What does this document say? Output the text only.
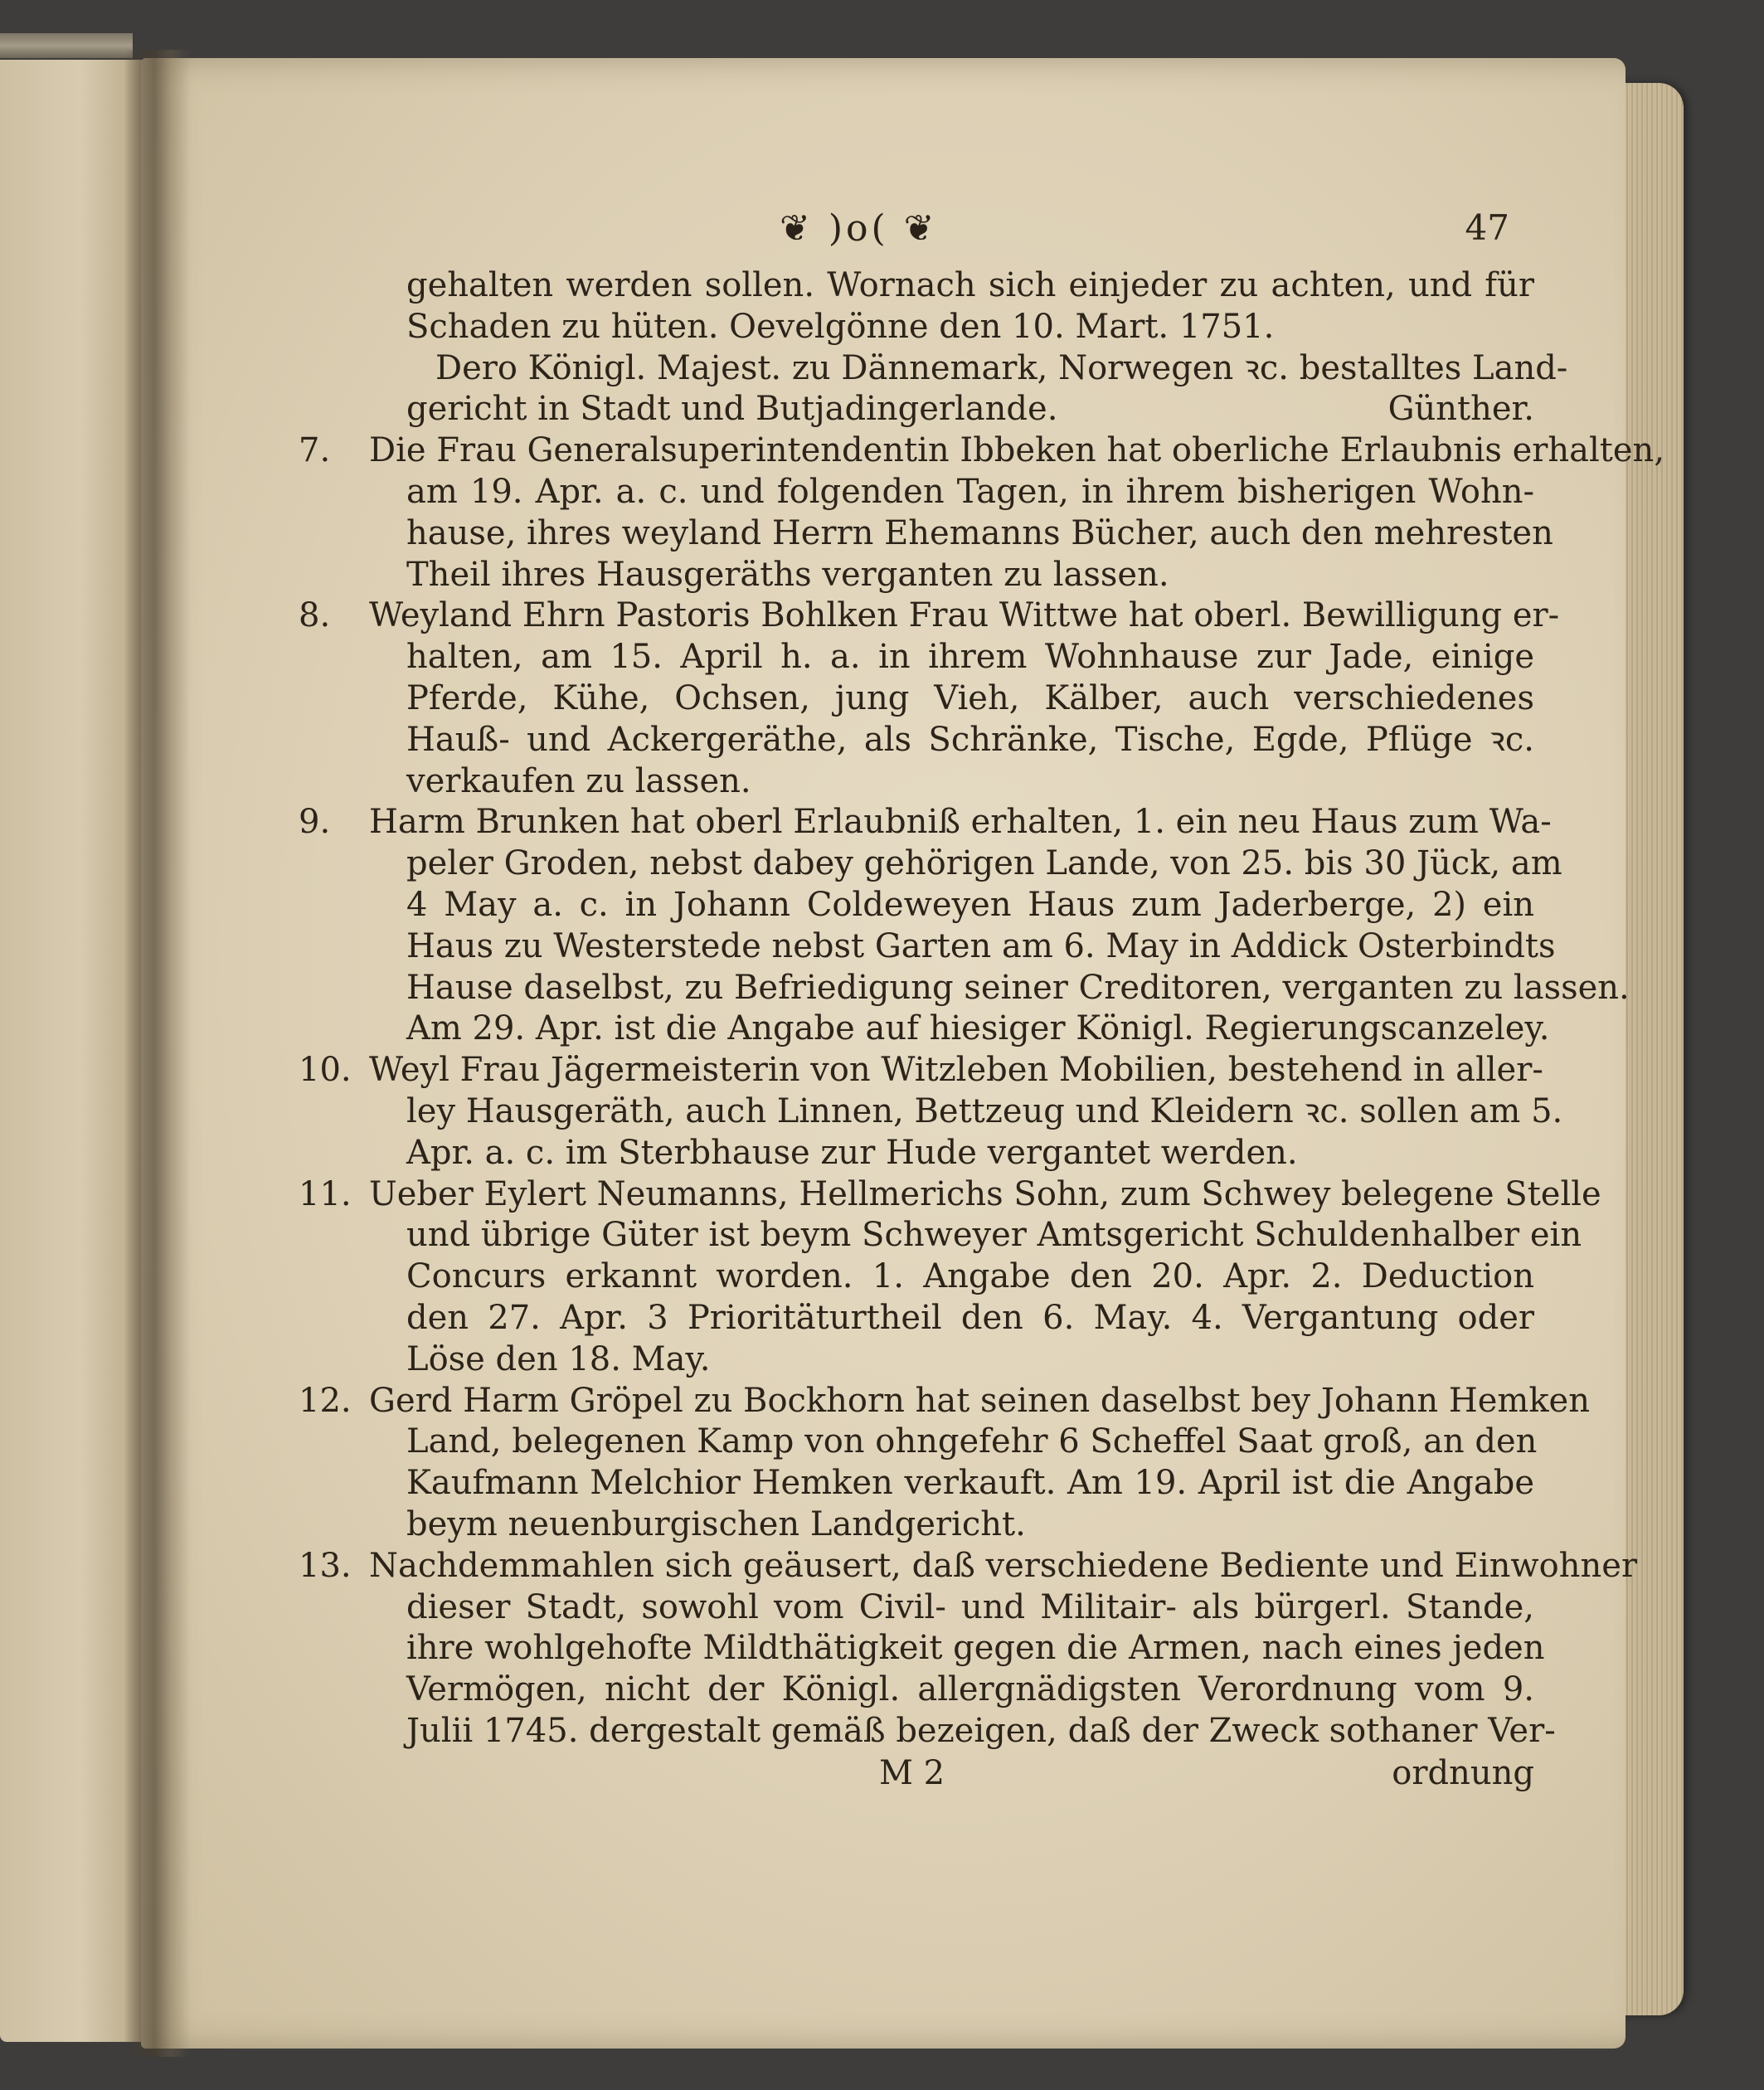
❦ )o( ❦	47
gehalten werden sollen. Wornach sich einjeder zu achten, und für
Schaden zu hüten. Oevelgönne den 10. Mart. 1751.
Dero Königl. Majest. zu Dännemark, Norwegen ꝛc. bestalltes Land-
gericht in Stadt und Butjadingerlande.	Günther.
7. Die Frau Generalsuperintendentin Ibbeken hat oberliche Erlaubnis erhalten,
am 19. Apr. a. c. und folgenden Tagen, in ihrem bisherigen Wohn-
hause, ihres weyland Herrn Ehemanns Bücher, auch den mehresten
Theil ihres Hausgeräths verganten zu lassen.
8. Weyland Ehrn Pastoris Bohlken Frau Wittwe hat oberl. Bewilligung er-
halten, am 15. April h. a. in ihrem Wohnhause zur Jade, einige
Pferde, Kühe, Ochsen, jung Vieh, Kälber, auch verschiedenes
Hauß- und Ackergeräthe, als Schränke, Tische, Egde, Pflüge ꝛc.
verkaufen zu lassen.
9. Harm Brunken hat oberl Erlaubniß erhalten, 1. ein neu Haus zum Wa-
peler Groden, nebst dabey gehörigen Lande, von 25. bis 30 Jück, am
4 May a. c. in Johann Coldeweyen Haus zum Jaderberge, 2) ein
Haus zu Westerstede nebst Garten am 6. May in Addick Osterbindts
Hause daselbst, zu Befriedigung seiner Creditoren, verganten zu lassen.
Am 29. Apr. ist die Angabe auf hiesiger Königl. Regierungscanzeley.
10. Weyl Frau Jägermeisterin von Witzleben Mobilien, bestehend in aller-
ley Hausgeräth, auch Linnen, Bettzeug und Kleidern ꝛc. sollen am 5.
Apr. a. c. im Sterbhause zur Hude vergantet werden.
11. Ueber Eylert Neumanns, Hellmerichs Sohn, zum Schwey belegene Stelle
und übrige Güter ist beym Schweyer Amtsgericht Schuldenhalber ein
Concurs erkannt worden. 1. Angabe den 20. Apr. 2. Deduction
den 27. Apr. 3 Prioritäturtheil den 6. May. 4. Vergantung oder
Löse den 18. May.
12. Gerd Harm Gröpel zu Bockhorn hat seinen daselbst bey Johann Hemken
Land, belegenen Kamp von ohngefehr 6 Scheffel Saat groß, an den
Kaufmann Melchior Hemken verkauft. Am 19. April ist die Angabe
beym neuenburgischen Landgericht.
13. Nachdemmahlen sich geäusert, daß verschiedene Bediente und Einwohner
dieser Stadt, sowohl vom Civil- und Militair- als bürgerl. Stande,
ihre wohlgehofte Mildthätigkeit gegen die Armen, nach eines jeden
Vermögen, nicht der Königl. allergnädigsten Verordnung vom 9.
Julii 1745. dergestalt gemäß bezeigen, daß der Zweck sothaner Ver-
M 2	ordnung
